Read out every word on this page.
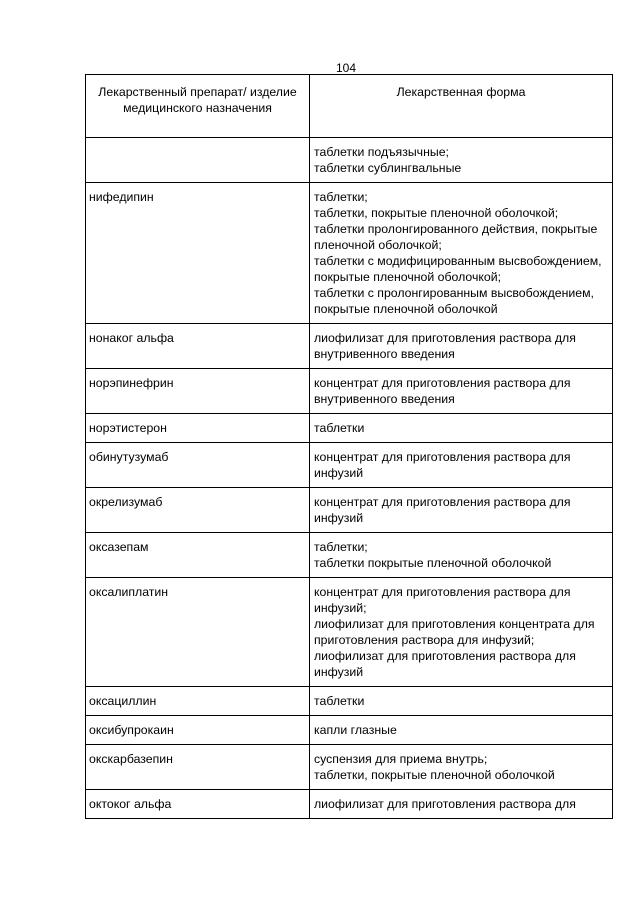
104
Лекарственный препарат/ изделие медицинского назначения	Лекарственная форма

	таблетки подъязычные;
таблетки сублингвальные

нифедипин	таблетки;
таблетки, покрытые пленочной оболочкой;
таблетки пролонгированного действия, покрытые пленочной оболочкой;
таблетки с модифицированным высвобождением, покрытые пленочной оболочкой;
таблетки с пролонгированным высвобождением, покрытые пленочной оболочкой

нонаког альфа	лиофилизат для приготовления раствора для внутривенного введения

норэпинефрин	концентрат для приготовления раствора для внутривенного введения

норэтистерон	таблетки

обинутузумаб	концентрат для приготовления раствора для инфузий

окрелизумаб	концентрат для приготовления раствора для инфузий

оксазепам	таблетки;
таблетки покрытые пленочной оболочкой

оксалиплатин	концентрат для приготовления раствора для инфузий;
лиофилизат для приготовления концентрата для приготовления раствора для инфузий;
лиофилизат для приготовления раствора для инфузий

оксациллин	таблетки

оксибупрокаин	капли глазные

окскарбазепин	суспензия для приема внутрь;
таблетки, покрытые пленочной оболочкой

октоког альфа	лиофилизат для приготовления раствора для
